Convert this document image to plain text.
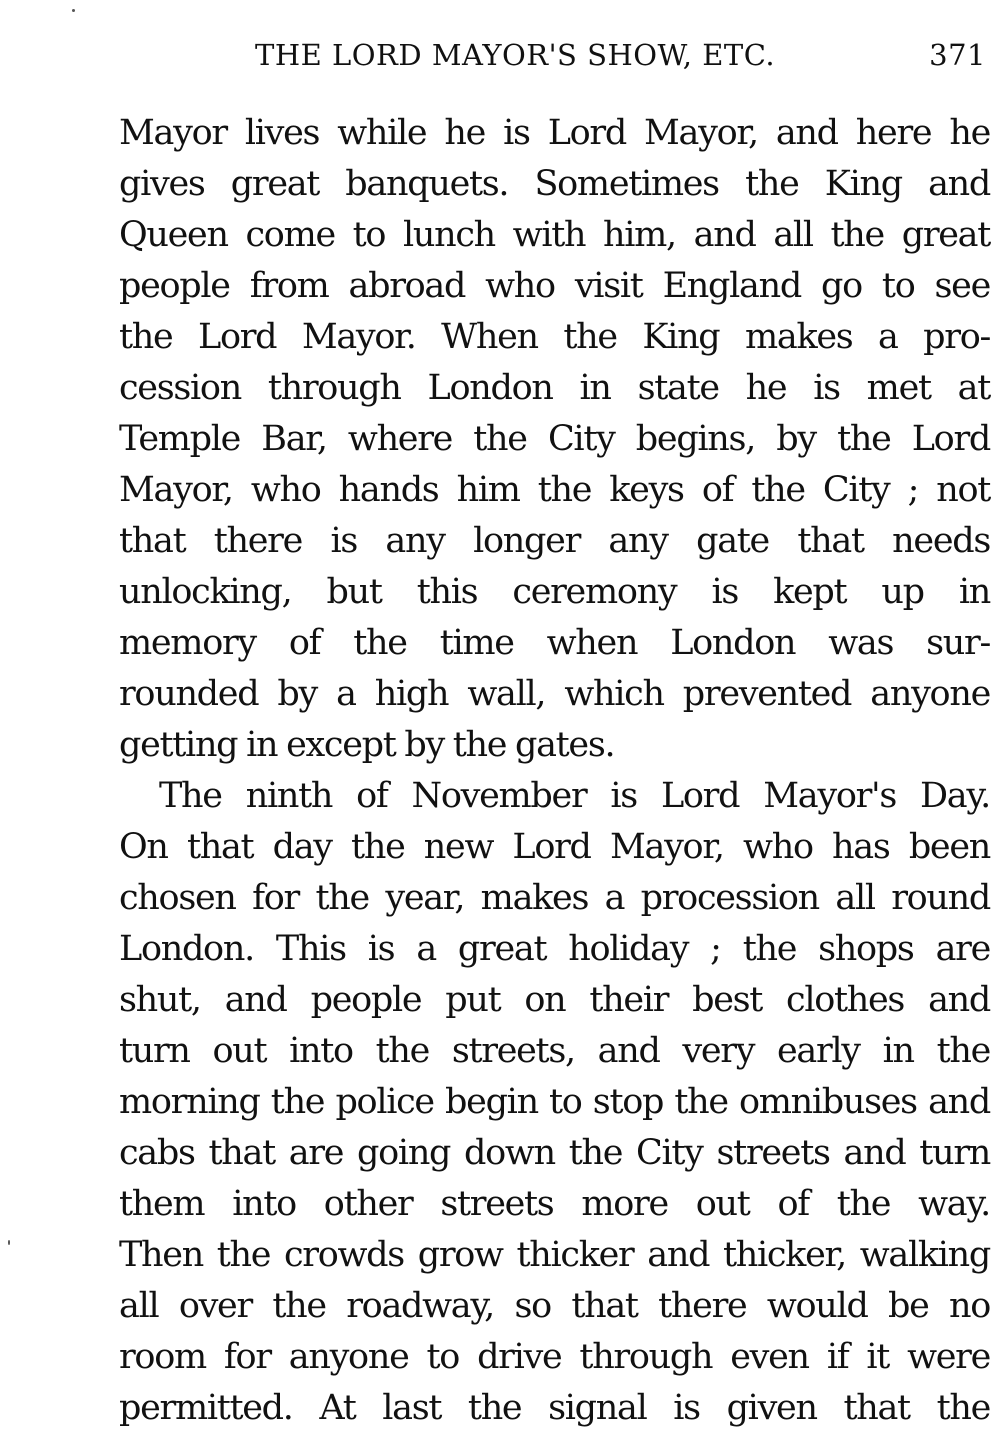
THE LORD MAYOR'S SHOW, ETC.	371
Mayor lives while he is Lord Mayor, and here he
gives great banquets. Sometimes the King and
Queen come to lunch with him, and all the great
people from abroad who visit England go to see
the Lord Mayor. When the King makes a pro-
cession through London in state he is met at
Temple Bar, where the City begins, by the Lord
Mayor, who hands him the keys of the City ; not
that there is any longer any gate that needs
unlocking, but this ceremony is kept up in
memory of the time when London was sur-
rounded by a high wall, which prevented anyone
getting in except by the gates.
The ninth of November is Lord Mayor's Day.
On that day the new Lord Mayor, who has been
chosen for the year, makes a procession all round
London. This is a great holiday ; the shops are
shut, and people put on their best clothes and
turn out into the streets, and very early in the
morning the police begin to stop the omnibuses and
cabs that are going down the City streets and turn
them into other streets more out of the way.
Then the crowds grow thicker and thicker, walking
all over the roadway, so that there would be no
room for anyone to drive through even if it were
permitted. At last the signal is given that the
